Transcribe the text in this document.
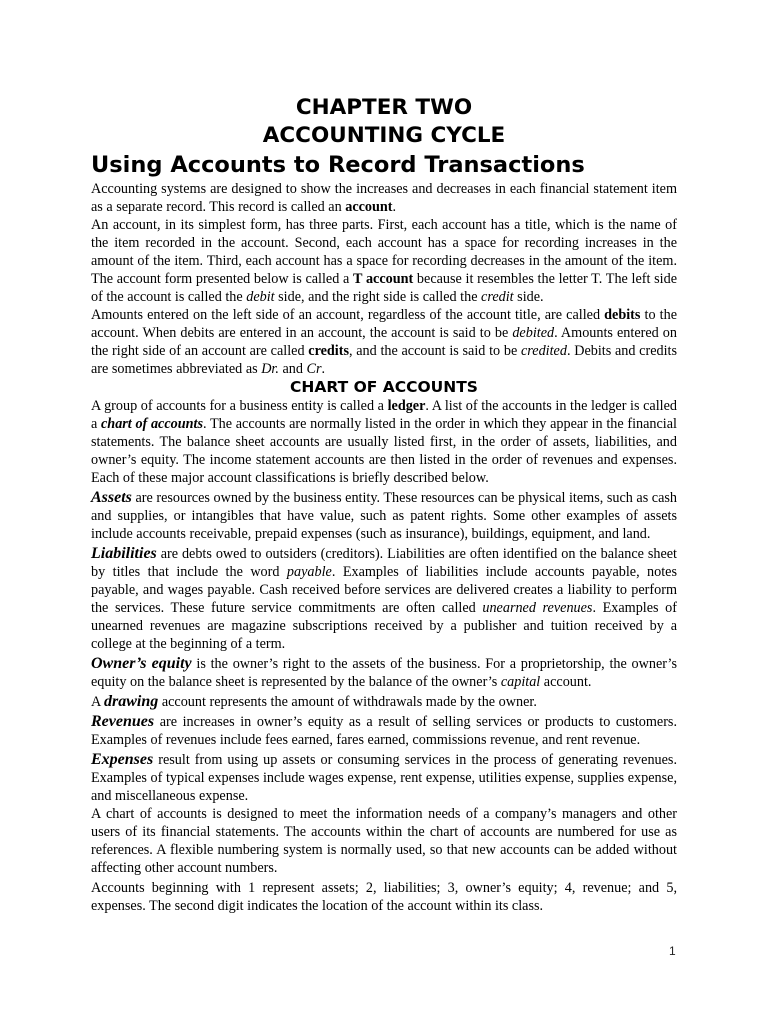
CHAPTER TWO
ACCOUNTING CYCLE
Using Accounts to Record Transactions

Accounting systems are designed to show the increases and decreases in each financial statement item as a separate record. This record is called an account.

An account, in its simplest form, has three parts. First, each account has a title, which is the name of the item recorded in the account. Second, each account has a space for recording increases in the amount of the item. Third, each account has a space for recording decreases in the amount of the item. The account form presented below is called a T account because it resembles the letter T. The left side of the account is called the debit side, and the right side is called the credit side.

Amounts entered on the left side of an account, regardless of the account title, are called debits to the account. When debits are entered in an account, the account is said to be debited. Amounts entered on the right side of an account are called credits, and the account is said to be credited. Debits and credits are sometimes abbreviated as Dr. and Cr.

CHART OF ACCOUNTS

A group of accounts for a business entity is called a ledger. A list of the accounts in the ledger is called a chart of accounts. The accounts are normally listed in the order in which they appear in the financial statements. The balance sheet accounts are usually listed first, in the order of assets, liabilities, and owner’s equity. The income statement accounts are then listed in the order of revenues and expenses. Each of these major account classifications is briefly described below.

Assets are resources owned by the business entity. These resources can be physical items, such as cash and supplies, or intangibles that have value, such as patent rights. Some other examples of assets include accounts receivable, prepaid expenses (such as insurance), buildings, equipment, and land.

Liabilities are debts owed to outsiders (creditors). Liabilities are often identified on the balance sheet by titles that include the word payable. Examples of liabilities include accounts payable, notes payable, and wages payable. Cash received before services are delivered creates a liability to perform the services. These future service commitments are often called unearned revenues. Examples of unearned revenues are magazine subscriptions received by a publisher and tuition received by a college at the beginning of a term.

Owner’s equity is the owner’s right to the assets of the business. For a proprietorship, the owner’s equity on the balance sheet is represented by the balance of the owner’s capital account.

A drawing account represents the amount of withdrawals made by the owner.

Revenues are increases in owner’s equity as a result of selling services or products to customers. Examples of revenues include fees earned, fares earned, commissions revenue, and rent revenue.

Expenses result from using up assets or consuming services in the process of generating revenues. Examples of typical expenses include wages expense, rent expense, utilities expense, supplies expense, and miscellaneous expense.

A chart of accounts is designed to meet the information needs of a company’s managers and other users of its financial statements. The accounts within the chart of accounts are numbered for use as references. A flexible numbering system is normally used, so that new accounts can be added without affecting other account numbers.

Accounts beginning with 1 represent assets; 2, liabilities; 3, owner’s equity; 4, revenue; and 5, expenses. The second digit indicates the location of the account within its class.

1
